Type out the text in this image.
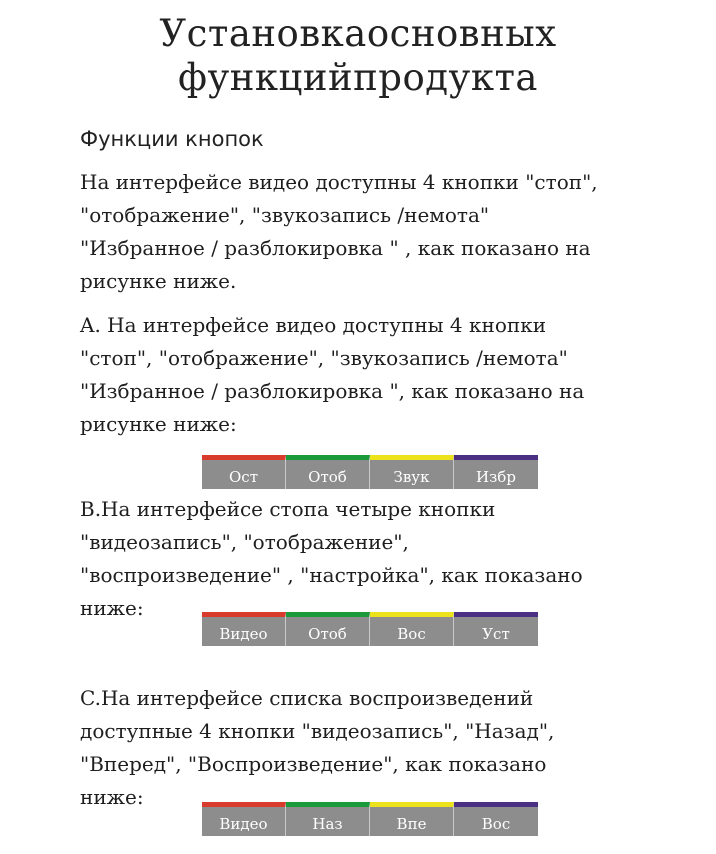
Установкаосновных
функцийпродукта
Функции кнопок
На интерфейсе видео доступны 4 кнопки "стоп",
"отображение", "звукозапись /немота"
"Избранное / разблокировка " , как показано на
рисунке ниже.
A. На интерфейсе видео доступны 4 кнопки
"стоп", "отображение", "звукозапись /немота"
"Избранное / разблокировка ", как показано на
рисунке ниже:
Ост	Отоб	Звук	Избр
B.На интерфейсе стопа четыре кнопки
"видеозапись", "отображение",
"воспроизведение" , "настройка", как показано
ниже:
Видео	Отоб	Вос	Уст
C.На интерфейсе списка воспроизведений
доступные 4 кнопки "видеозапись", "Назад",
"Вперед", "Воспроизведение", как показано
ниже:
Видео	Наз	Впе	Вос
